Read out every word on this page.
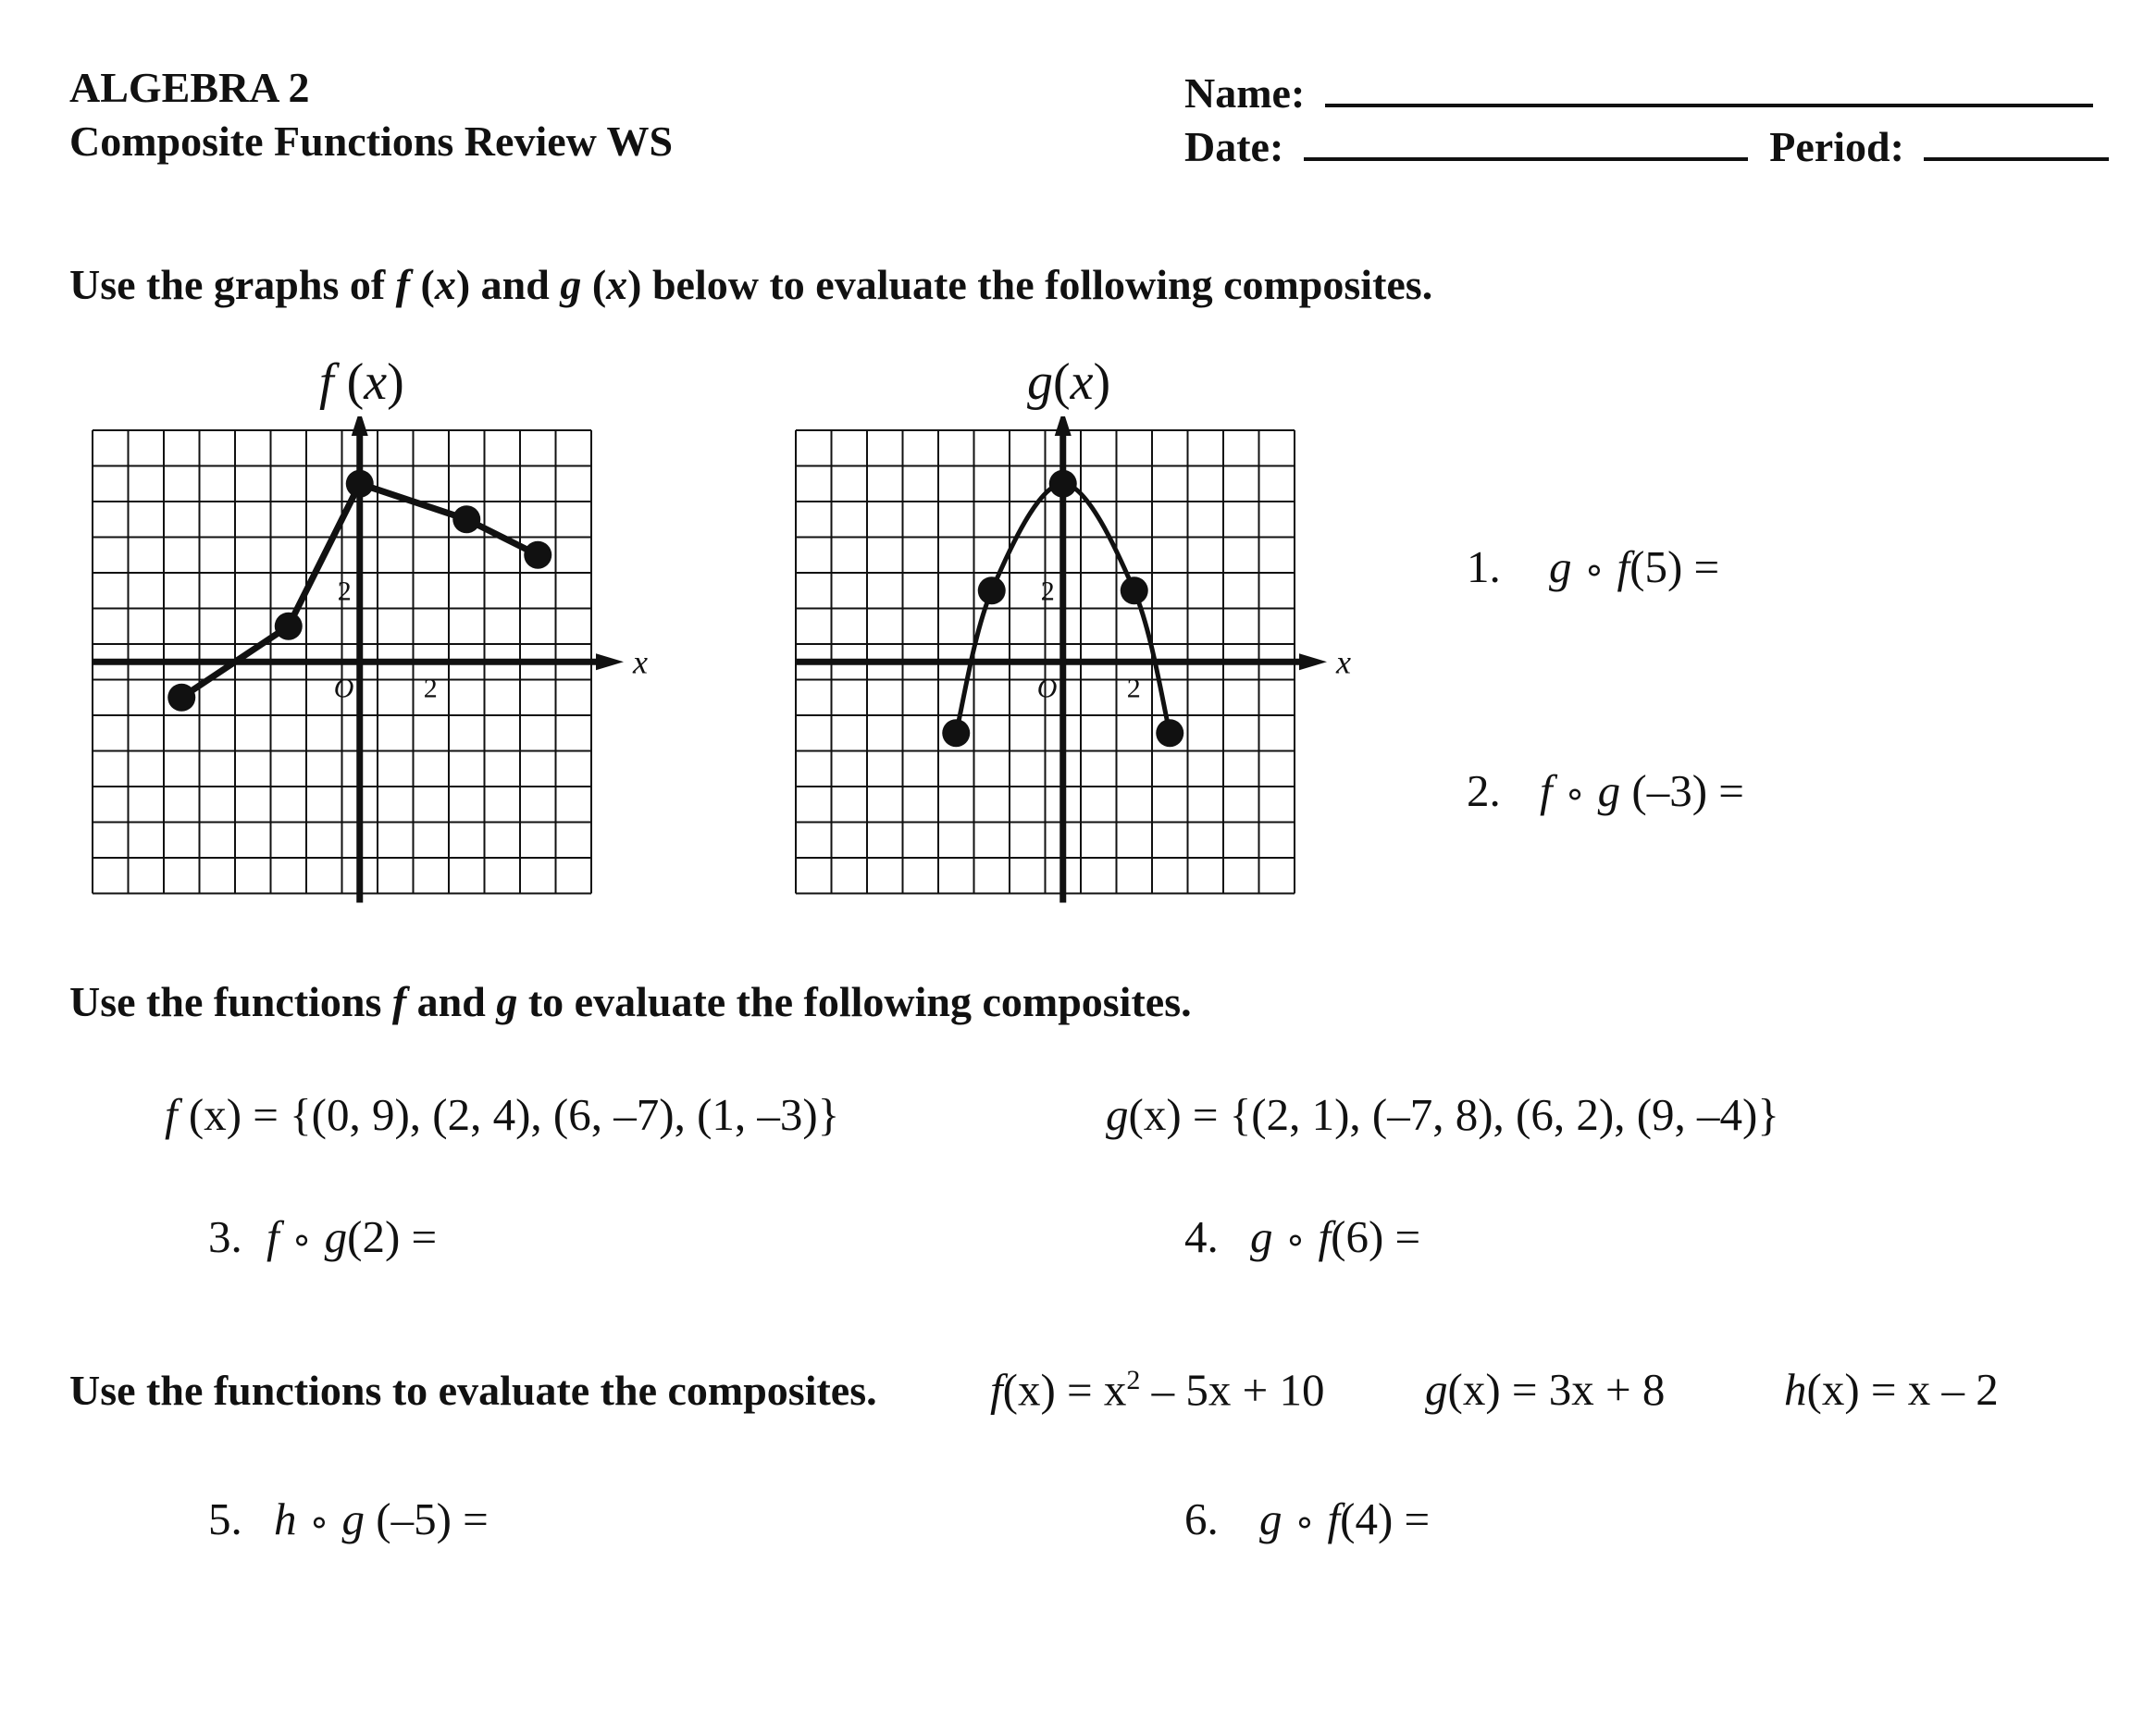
ALGEBRA 2
Composite Functions Review WS
Name:
Date:	Period:
Use the graphs of f (x) and g (x) below to evaluate the following composites.
f (x)	g(x)
x
O	2
2
x
O	2
2	1. g ∘ f(5) =
2. f ∘ g (–3) =
Use the functions f and g to evaluate the following composites.
f (x) = {(0, 9), (2, 4), (6, –7), (1, –3)}	g(x) = {(2, 1), (–7, 8), (6, 2), (9, –4)}
3. f ∘ g(2) =	4. g ∘ f(6) =
Use the functions to evaluate the composites. $f(x) = x^2 - 5x + 10$ g(x) = 3x + 8	h(x) = x – 2
5. h ∘ g (–5) =	6. g ∘ f(4) =
